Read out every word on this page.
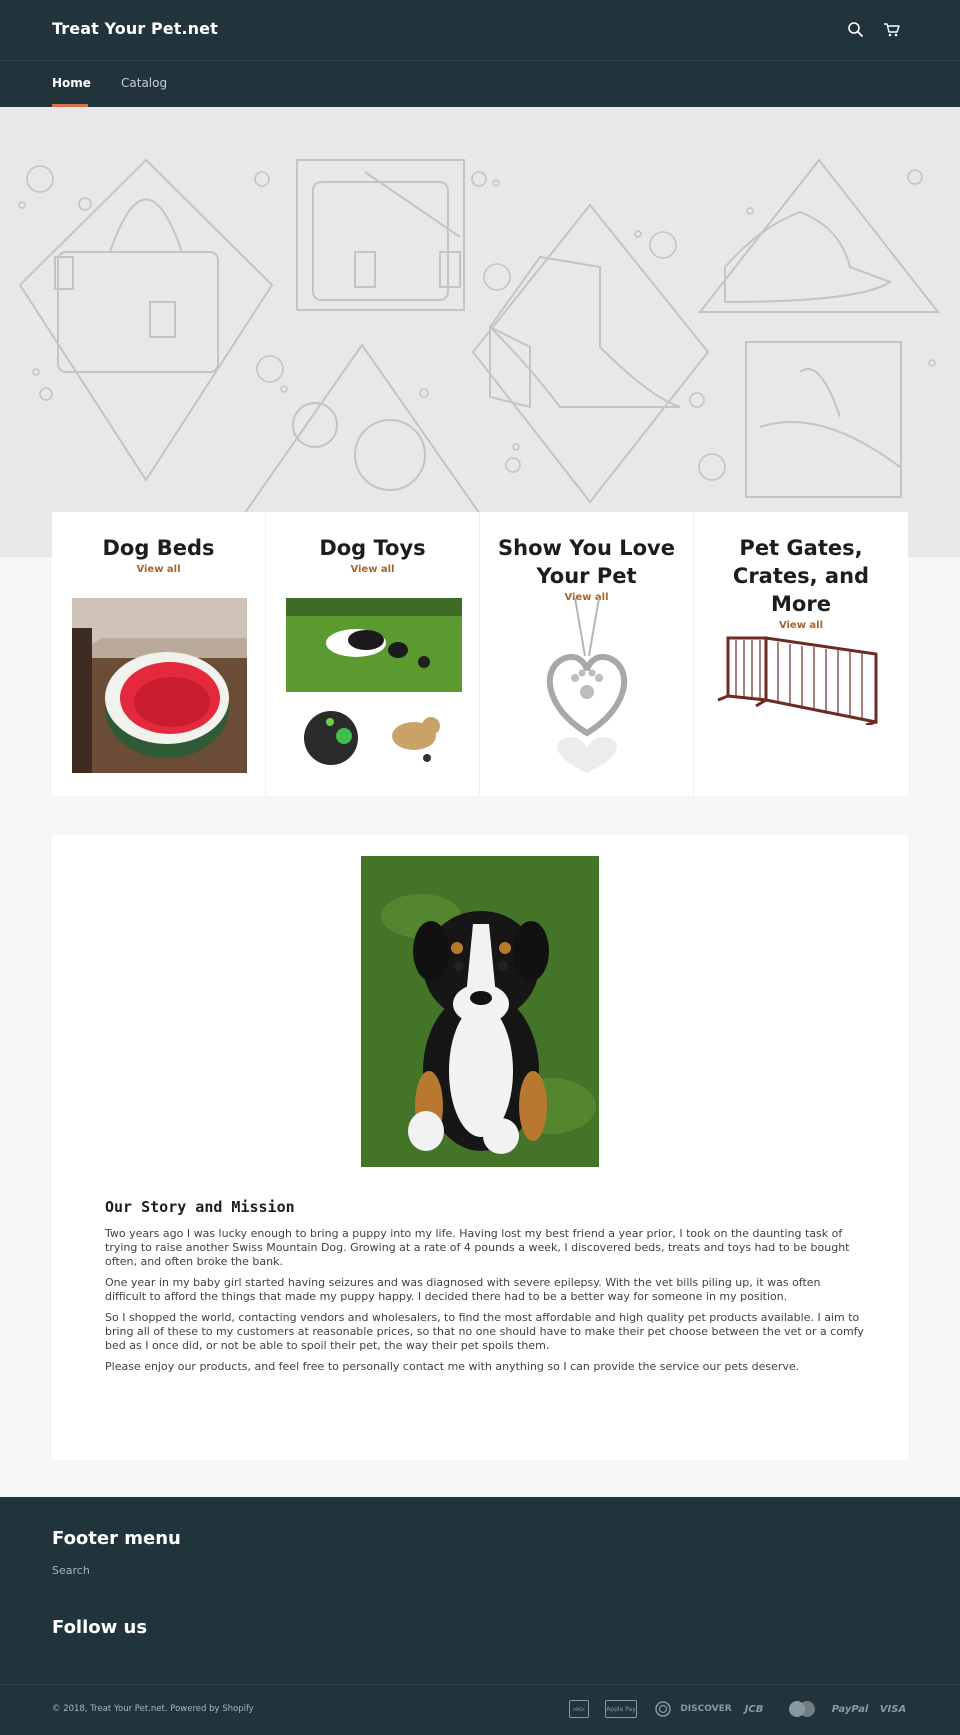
Treat Your Pet.net
Home	Catalog
Dog Beds
View all
Dog Toys
View all
Show You Love Your Pet
View all
Pet Gates, Crates, and More
View all
Our Story and Mission

Two years ago I was lucky enough to bring a puppy into my life. Having lost my best friend a year prior, I took on the daunting task of trying to raise another Swiss Mountain Dog. Growing at a rate of 4 pounds a week, I discovered beds, treats and toys had to be bought often, and often broke the bank.

One year in my baby girl started having seizures and was diagnosed with severe epilepsy. With the vet bills piling up, it was often difficult to afford the things that made my puppy happy. I decided there had to be a better way for someone in my position.

So I shopped the world, contacting vendors and wholesalers, to find the most affordable and high quality pet products available. I aim to bring all of these to my customers at reasonable prices, so that no one should have to make their pet choose between the vet or a comfy bed as I once did, or not be able to spoil their pet, the way their pet spoils them.

Please enjoy our products, and feel free to personally contact me with anything so I can provide the service our pets deserve.

Footer menu
Search
Follow us
© 2018, Treat Your Pet.net. Powered by Shopify	AMEX	Apple Pay	DISCOVER JCB	PayPal VISA
